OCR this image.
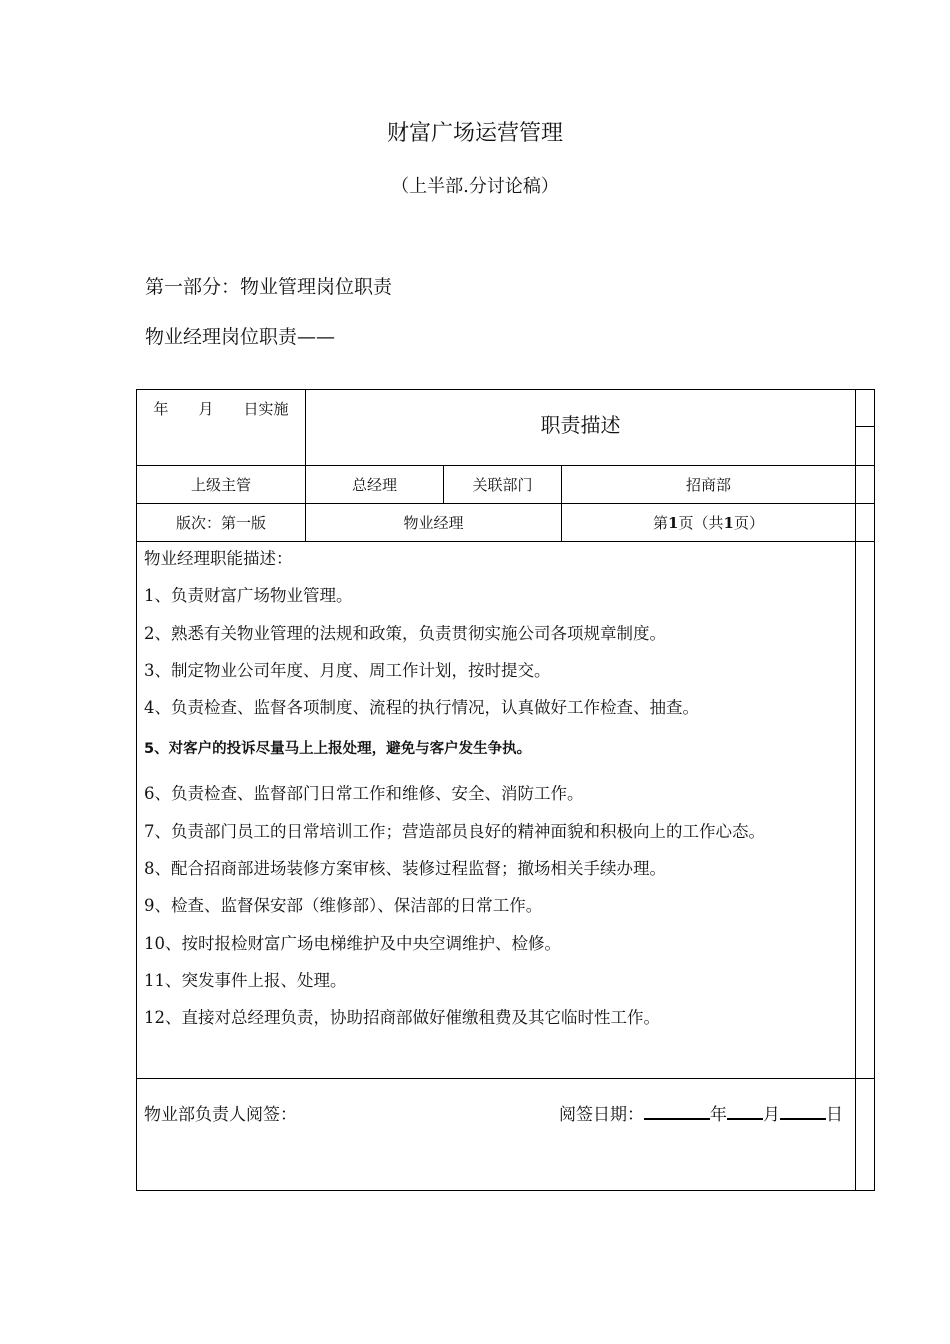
财富广场运营管理
（上半部.分讨论稿）
第一部分：物业管理岗位职责
物业经理岗位职责——
年　　月　　日实施
职责描述
上级主管	总经理	关联部门	招商部
版次：第一版	物业经理	第 1 页（共 1 页）
物业经理职能描述：
1、负责财富广场物业管理。
2、熟悉有关物业管理的法规和政策，负责贯彻实施公司各项规章制度。
3、制定物业公司年度、月度、周工作计划，按时提交。
4、负责检查、监督各项制度、流程的执行情况，认真做好工作检查、抽查。
5、对客户的投诉尽量马上上报处理，避免与客户发生争执。
6、负责检查、监督部门日常工作和维修、安全、消防工作。
7、负责部门员工的日常培训工作；营造部员良好的精神面貌和积极向上的工作心态。
8、配合招商部进场装修方案审核、装修过程监督；撤场相关手续办理。
9、检查、监督保安部（维修部）、保洁部的日常工作。
10、按时报检财富广场电梯维护及中央空调维护、检修。
11、突发事件上报、处理。
12、直接对总经理负责，协助招商部做好催缴租费及其它临时性工作。
物业部负责人阅签：	阅签日期：	年 月	日
